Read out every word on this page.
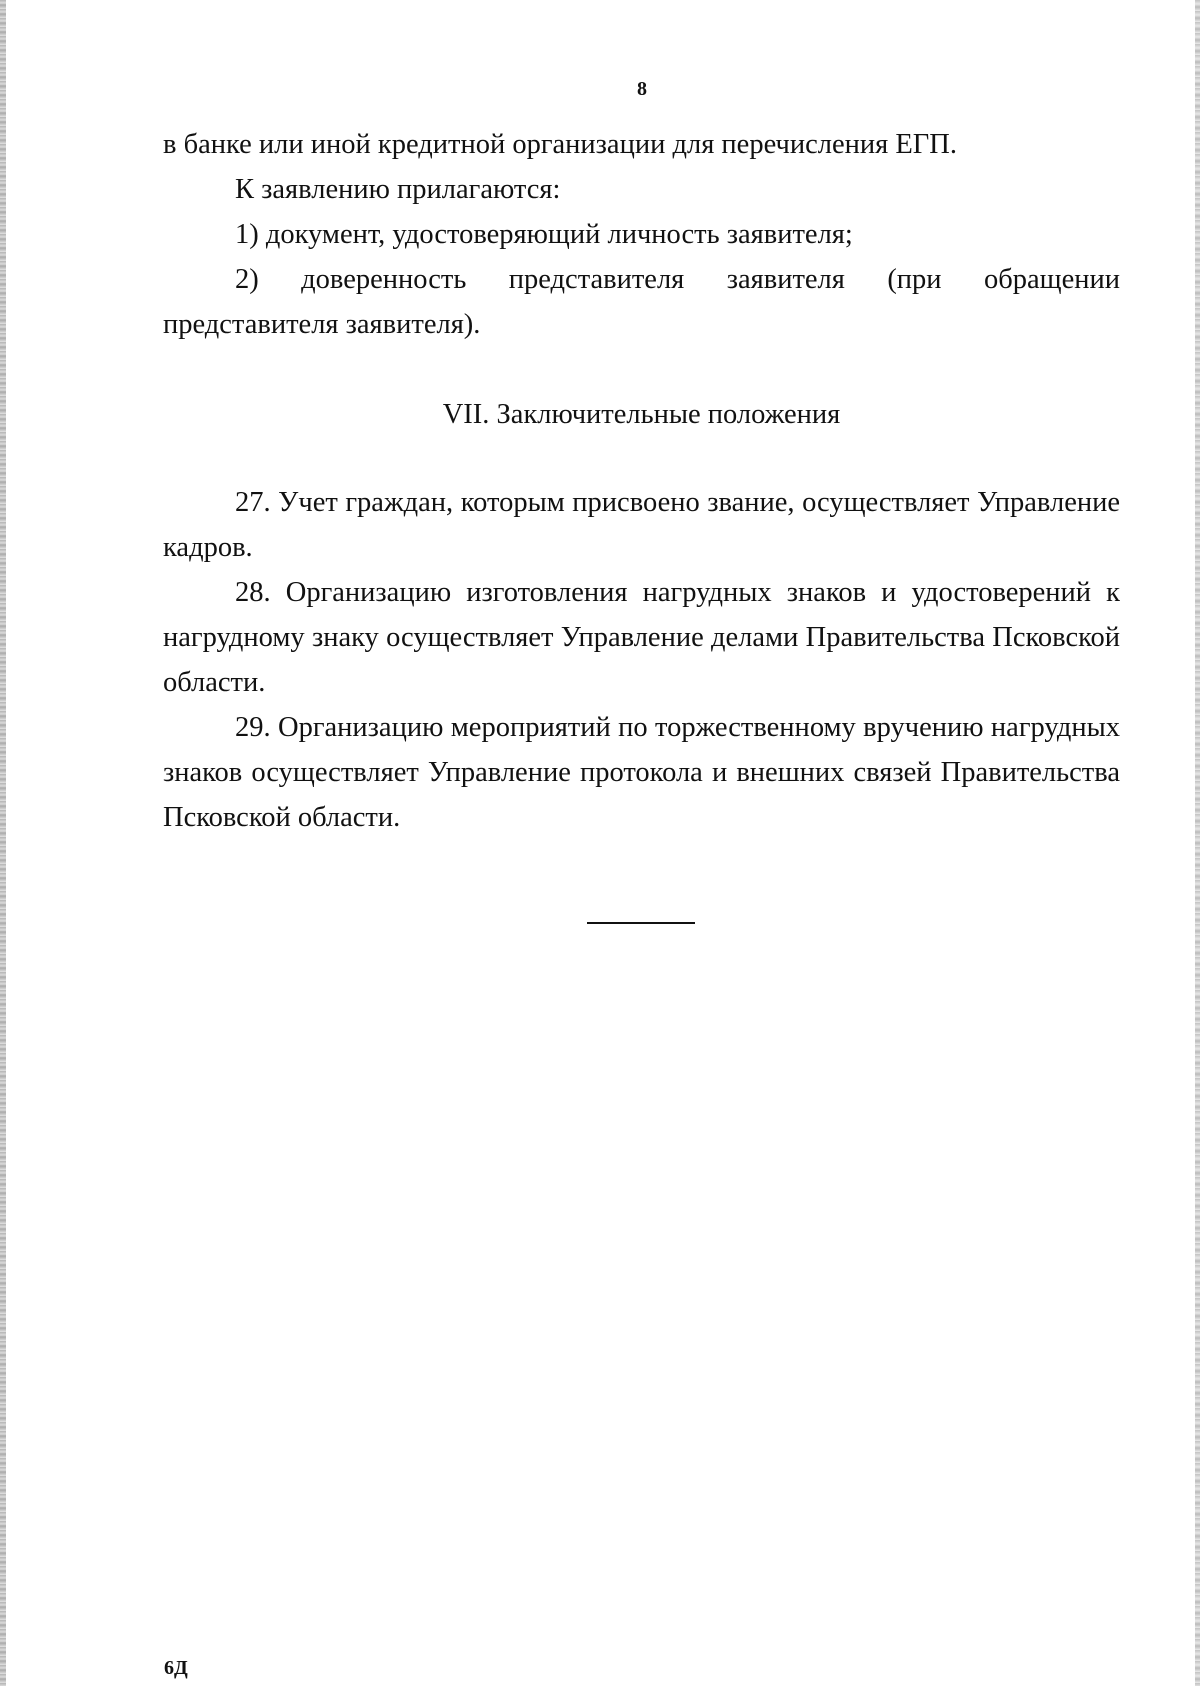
8

в банке или иной кредитной организации для перечисления ЕГП.

К заявлению прилагаются:

1) документ, удостоверяющий личность заявителя;

2) доверенность представителя заявителя (при обращении представителя заявителя).

VII. Заключительные положения

27. Учет граждан, которым присвоено звание, осуществляет Управление кадров.

28. Организацию изготовления нагрудных знаков и удостоверений к нагрудному знаку осуществляет Управление делами Правительства Псковской области.

29. Организацию мероприятий по торжественному вручению нагрудных знаков осуществляет Управление протокола и внешних связей Правительства Псковской области.

6Д
